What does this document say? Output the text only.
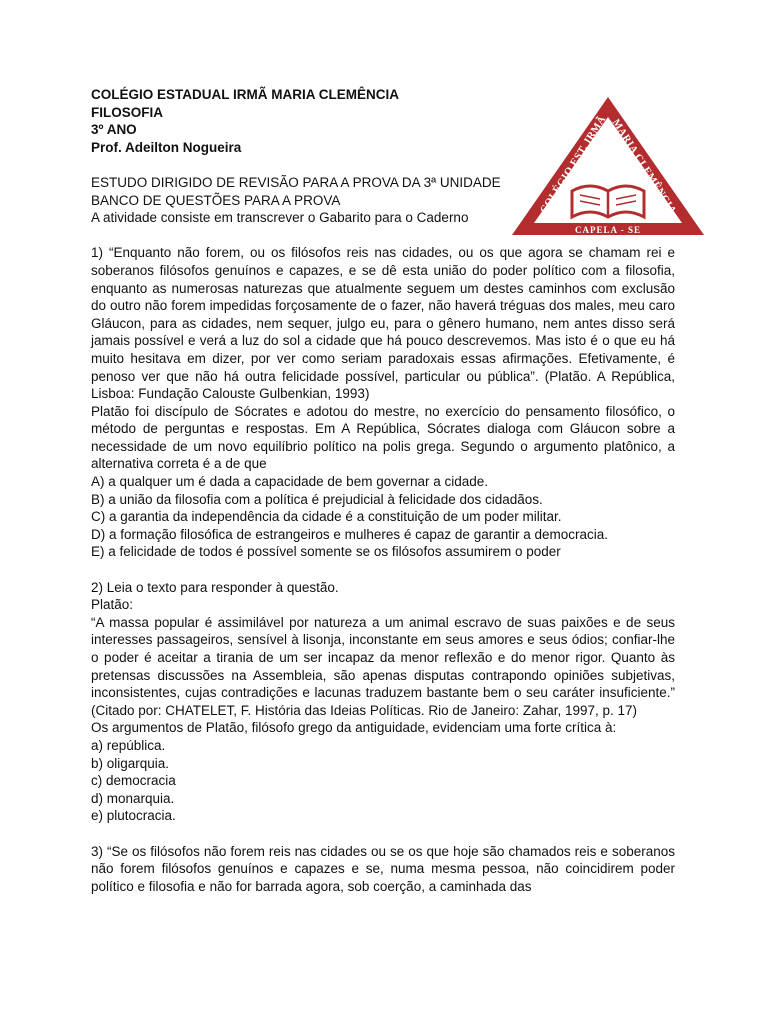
COLÉGIO EST. IRMÃ MARIA CLEMÊNCIA
CAPELA - SE
COLÉGIO ESTADUAL IRMÃ MARIA CLEMÊNCIA
FILOSOFIA
3º ANO
Prof. Adeilton Nogueira
ESTUDO DIRIGIDO DE REVISÃO PARA A PROVA DA 3ª UNIDADE
BANCO DE QUESTÕES PARA A PROVA
A atividade consiste em transcrever o Gabarito para o Caderno

1) “Enquanto não forem, ou os filósofos reis nas cidades, ou os que agora se chamam rei e soberanos filósofos genuínos e capazes, e se dê esta união do poder político com a filosofia, enquanto as numerosas naturezas que atualmente seguem um destes caminhos com exclusão do outro não forem impedidas forçosamente de o fazer, não haverá tréguas dos males, meu caro Gláucon, para as cidades, nem sequer, julgo eu, para o gênero humano, nem antes disso será jamais possível e verá a luz do sol a cidade que há pouco descrevemos. Mas isto é o que eu há muito hesitava em dizer, por ver como seriam paradoxais essas afirmações. Efetivamente, é penoso ver que não há outra felicidade possível, particular ou pública”. (Platão. A República, Lisboa: Fundação Calouste Gulbenkian, 1993)

Platão foi discípulo de Sócrates e adotou do mestre, no exercício do pensamento filosófico, o método de perguntas e respostas. Em A República, Sócrates dialoga com Gláucon sobre a necessidade de um novo equilíbrio político na polis grega. Segundo o argumento platônico, a alternativa correta é a de que

A) a qualquer um é dada a capacidade de bem governar a cidade.
B) a união da filosofia com a política é prejudicial à felicidade dos cidadãos.
C) a garantia da independência da cidade é a constituição de um poder militar.
D) a formação filosófica de estrangeiros e mulheres é capaz de garantir a democracia.
E) a felicidade de todos é possível somente se os filósofos assumirem o poder
2) Leia o texto para responder à questão.
Platão:

“A massa popular é assimilável por natureza a um animal escravo de suas paixões e de seus interesses passageiros, sensível à lisonja, inconstante em seus amores e seus ódios; confiar-lhe o poder é aceitar a tirania de um ser incapaz da menor reflexão e do menor rigor. Quanto às pretensas discussões na Assembleia, são apenas disputas contrapondo opiniões subjetivas, inconsistentes, cujas contradições e lacunas traduzem bastante bem o seu caráter insuficiente.” (Citado por: CHATELET, F. História das Ideias Políticas. Rio de Janeiro: Zahar, 1997, p. 17)

Os argumentos de Platão, filósofo grego da antiguidade, evidenciam uma forte crítica à:
a) república.
b) oligarquia.
c) democracia
d) monarquia.
e) plutocracia.

3) “Se os filósofos não forem reis nas cidades ou se os que hoje são chamados reis e soberanos não forem filósofos genuínos e capazes e se, numa mesma pessoa, não coincidirem poder político e filosofia e não for barrada agora, sob coerção, a caminhada das
